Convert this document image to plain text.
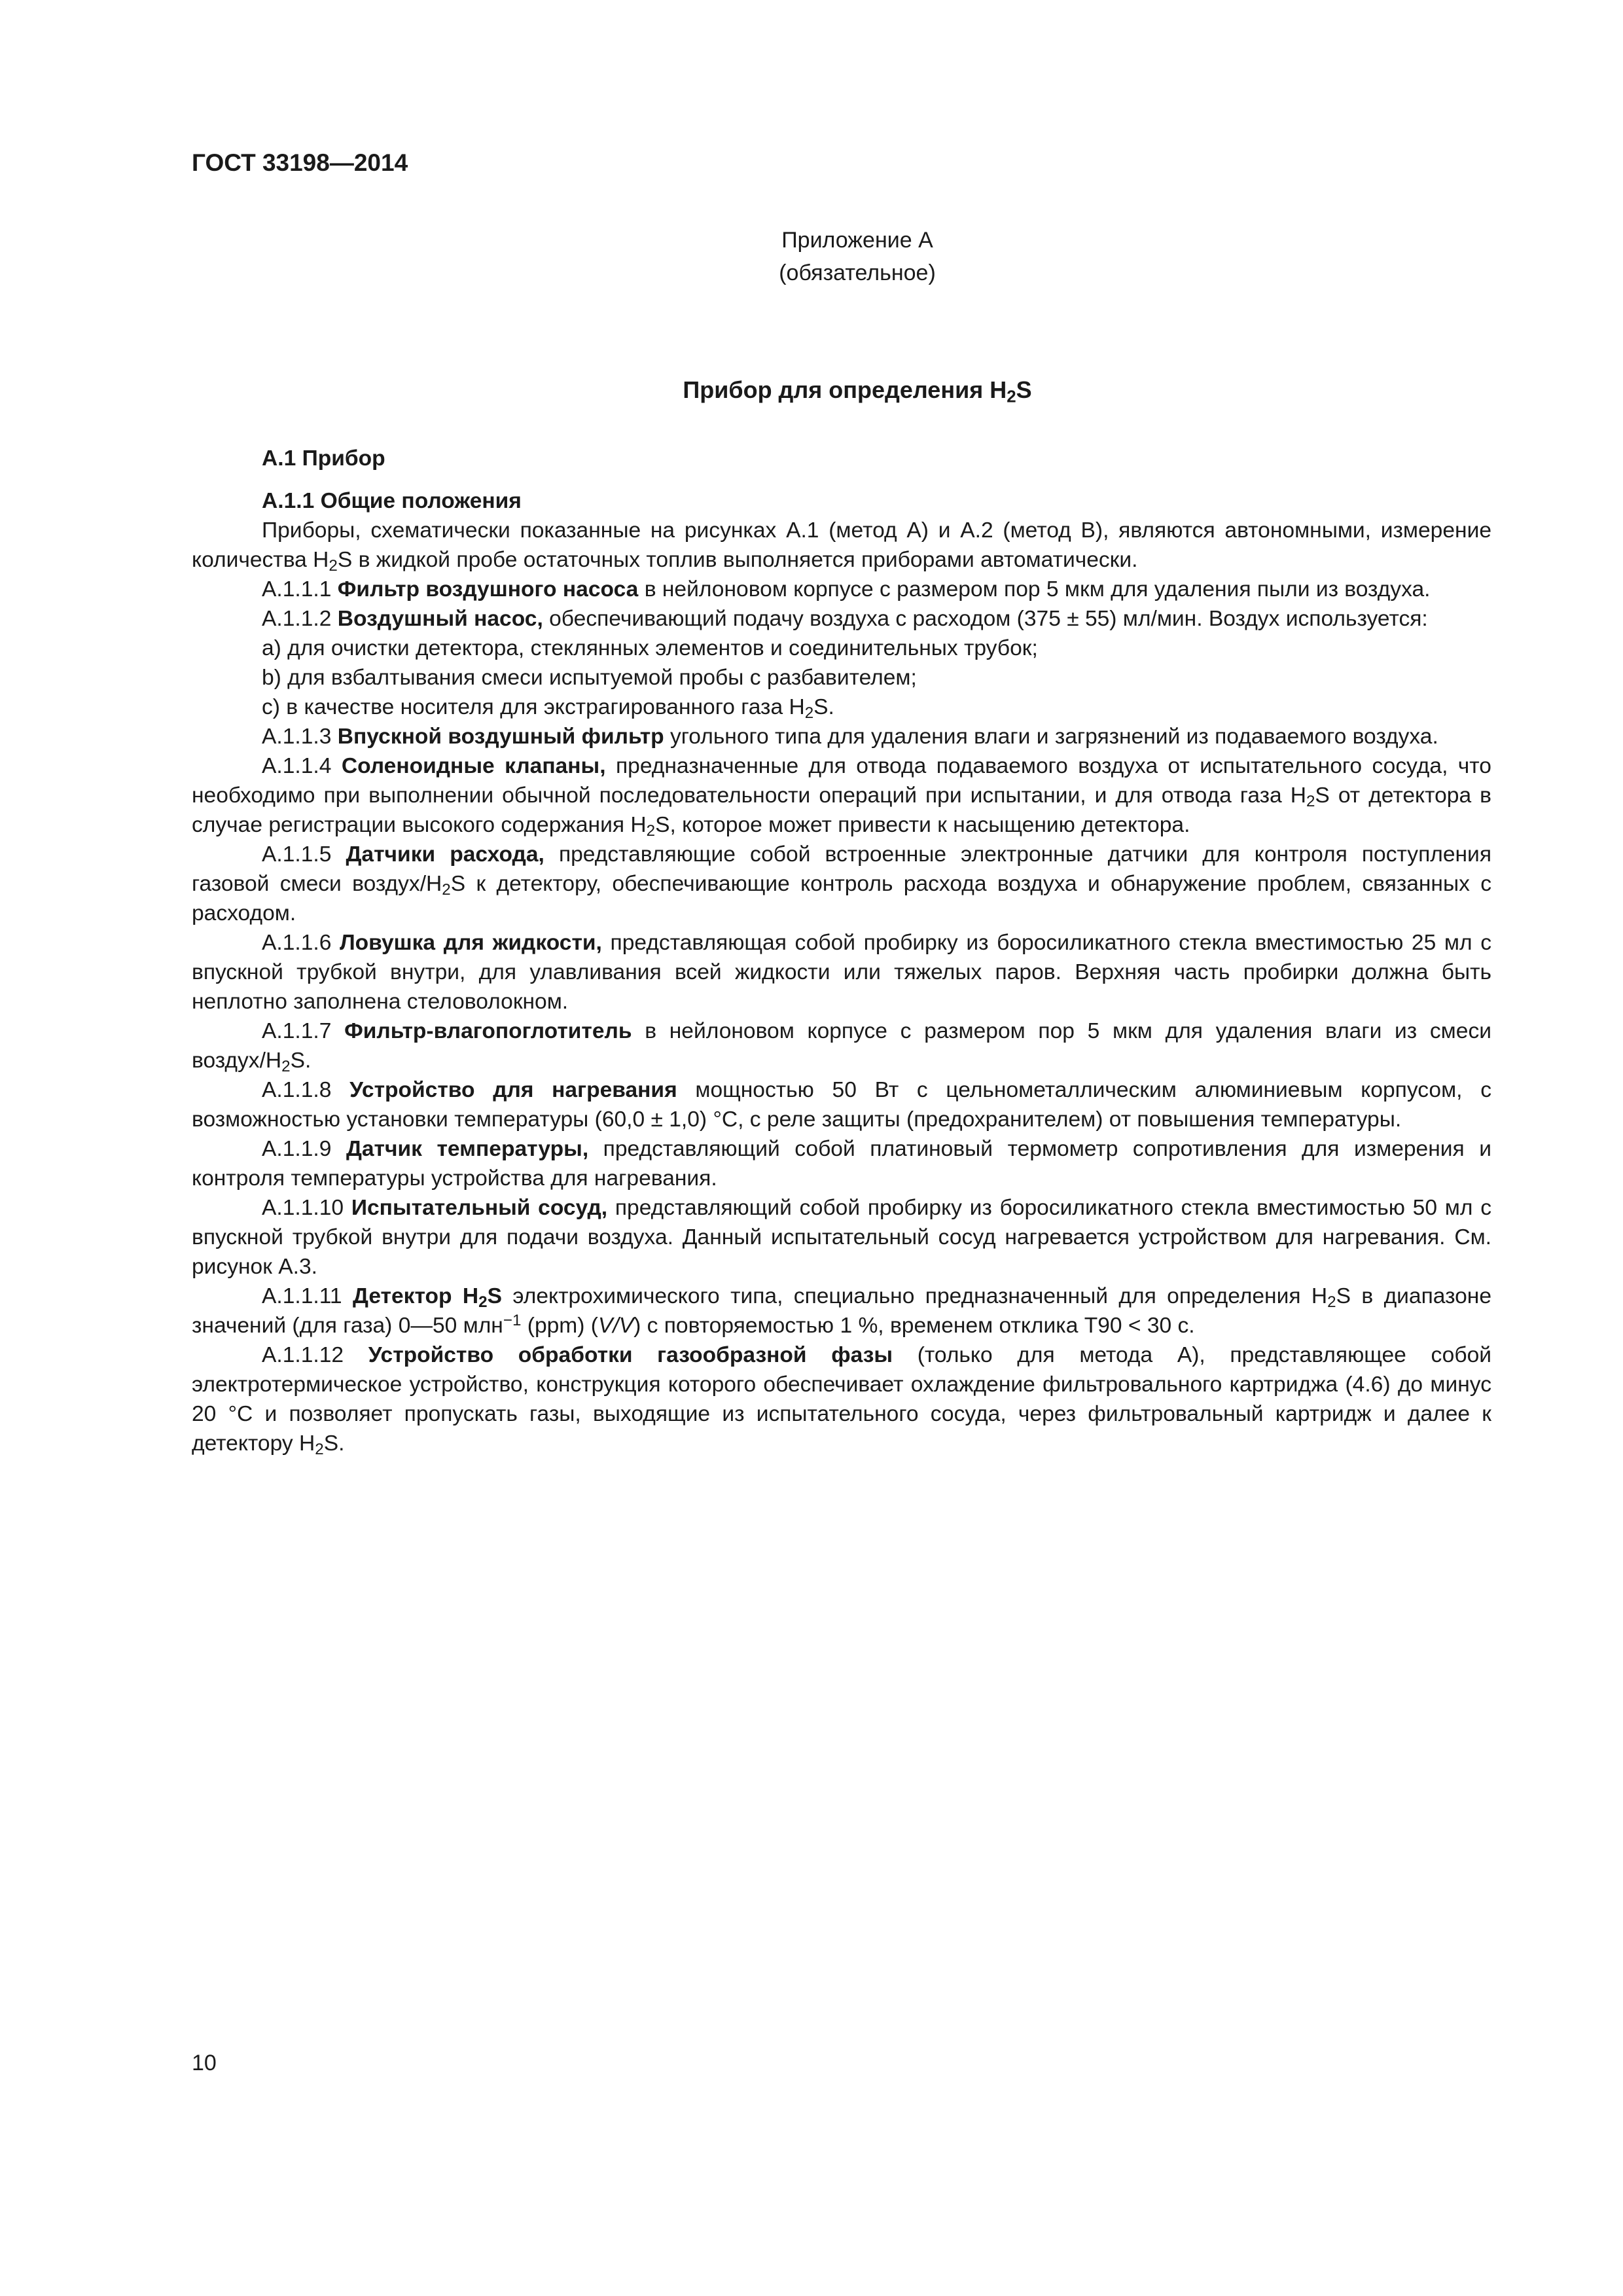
ГОСТ 33198—2014
Приложение А
(обязательное)
Прибор для определения $H_2S$
А.1 Прибор
А.1.1 Общие положения

Приборы, схематически показанные на рисунках А.1 (метод А) и А.2 (метод В), являются автономными, измерение количества $H_2S$ в жидкой пробе остаточных топлив выполняется приборами автоматически.

А.1.1.1 Фильтр воздушного насоса в нейлоновом корпусе с размером пор 5 мкм для удаления пыли из воздуха.

А.1.1.2 Воздушный насос, обеспечивающий подачу воздуха с расходом (375 ± 55) мл/мин. Воздух используется:

a) для очистки детектора, стеклянных элементов и соединительных трубок;

b) для взбалтывания смеси испытуемой пробы с разбавителем;

c) в качестве носителя для экстрагированного газа $H_2S$.

А.1.1.3 Впускной воздушный фильтр угольного типа для удаления влаги и загрязнений из подаваемого воздуха.

А.1.1.4 Соленоидные клапаны, предназначенные для отвода подаваемого воздуха от испытательного сосуда, что необходимо при выполнении обычной последовательности операций при испытании, и для отвода газа $H_2S$ от детектора в случае регистрации высокого содержания $H_2S$, которое может привести к насыщению детектора.

А.1.1.5 Датчики расхода, представляющие собой встроенные электронные датчики для контроля поступления газовой смеси воздух/$H_2S$ к детектору, обеспечивающие контроль расхода воздуха и обнаружение проблем, связанных с расходом.

А.1.1.6 Ловушка для жидкости, представляющая собой пробирку из боросиликатного стекла вместимостью 25 мл с впускной трубкой внутри, для улавливания всей жидкости или тяжелых паров. Верхняя часть пробирки должна быть неплотно заполнена стеловолокном.

А.1.1.7 Фильтр-влагопоглотитель в нейлоновом корпусе с размером пор 5 мкм для удаления влаги из смеси воздух/$H_2S$.

А.1.1.8 Устройство для нагревания мощностью 50 Вт с цельнометаллическим алюминиевым корпусом, с возможностью установки температуры (60,0 ± 1,0) °С, с реле защиты (предохранителем) от повышения температуры.

А.1.1.9 Датчик температуры, представляющий собой платиновый термометр сопротивления для измерения и контроля температуры устройства для нагревания.

А.1.1.10 Испытательный сосуд, представляющий собой пробирку из боросиликатного стекла вместимостью 50 мл с впускной трубкой внутри для подачи воздуха. Данный испытательный сосуд нагревается устройством для нагревания. См. рисунок А.3.

А.1.1.11 Детектор $H_2S$ электрохимического типа, специально предназначенный для определения $H_2S$ в диапазоне значений (для газа) 0—50 млн$^{-1}$ (ppm) (V/V) с повторяемостью 1 %, временем отклика Т90 < 30 с.

А.1.1.12 Устройство обработки газообразной фазы (только для метода А), представляющее собой электротермическое устройство, конструкция которого обеспечивает охлаждение фильтровального картриджа (4.6) до минус 20 °С и позволяет пропускать газы, выходящие из испытательного сосуда, через фильтровальный картридж и далее к детектору $H_2S$.

10
